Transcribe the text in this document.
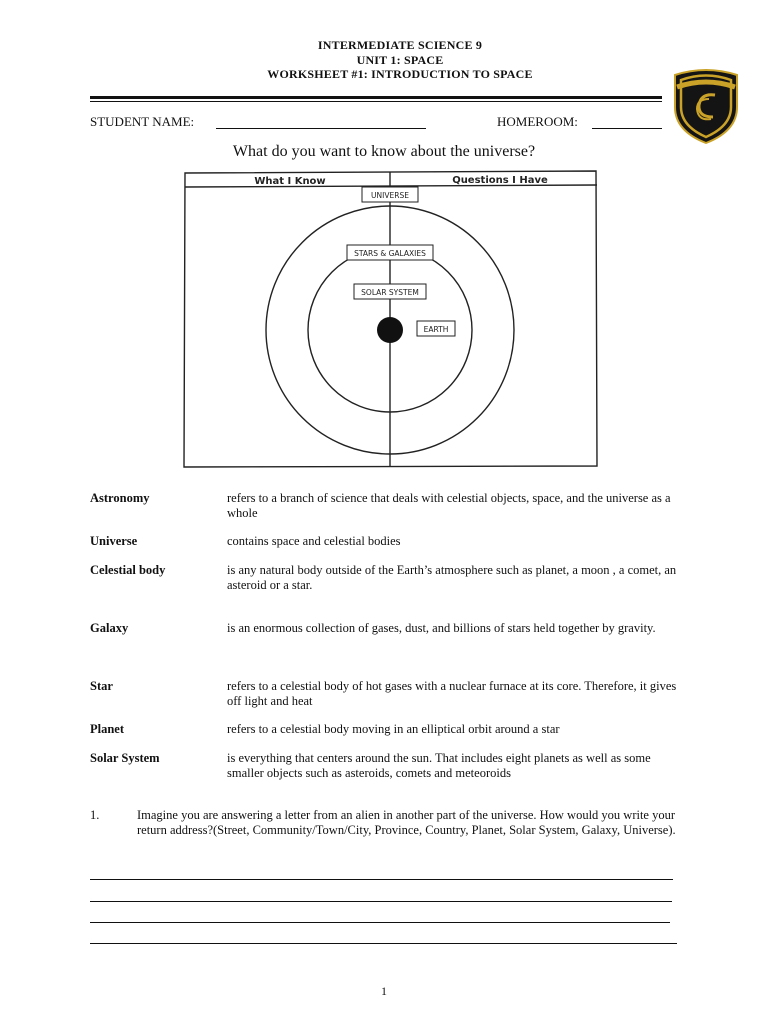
INTERMEDIATE SCIENCE 9
UNIT 1: SPACE
WORKSHEET #1: INTRODUCTION TO SPACE
STUDENT NAME:	HOMEROOM:
What do you want to know about the universe?
What I Know	Questions I Have
UNIVERSE
STARS & GALAXIES
SOLAR SYSTEM
EARTH
Astronomy	refers to a branch of science that deals with celestial objects, space, and the universe as a whole
Universe	contains space and celestial bodies
Celestial body	is any natural body outside of the Earth’s atmosphere such as planet, a moon , a comet, an asteroid or a star.
Galaxy	is an enormous collection of gases, dust, and billions of stars held together by gravity.
Star	refers to a celestial body of hot gases with a nuclear furnace at its core. Therefore, it gives off light and heat
Planet	refers to a celestial body moving in an elliptical orbit around a star
Solar System	is everything that centers around the sun. That includes eight planets as well as some smaller objects such as asteroids, comets and meteoroids
1.	Imagine you are answering a letter from an alien in another part of the universe. How would you write your return address?(Street, Community/Town/City, Province, Country, Planet, Solar System, Galaxy, Universe).
1
